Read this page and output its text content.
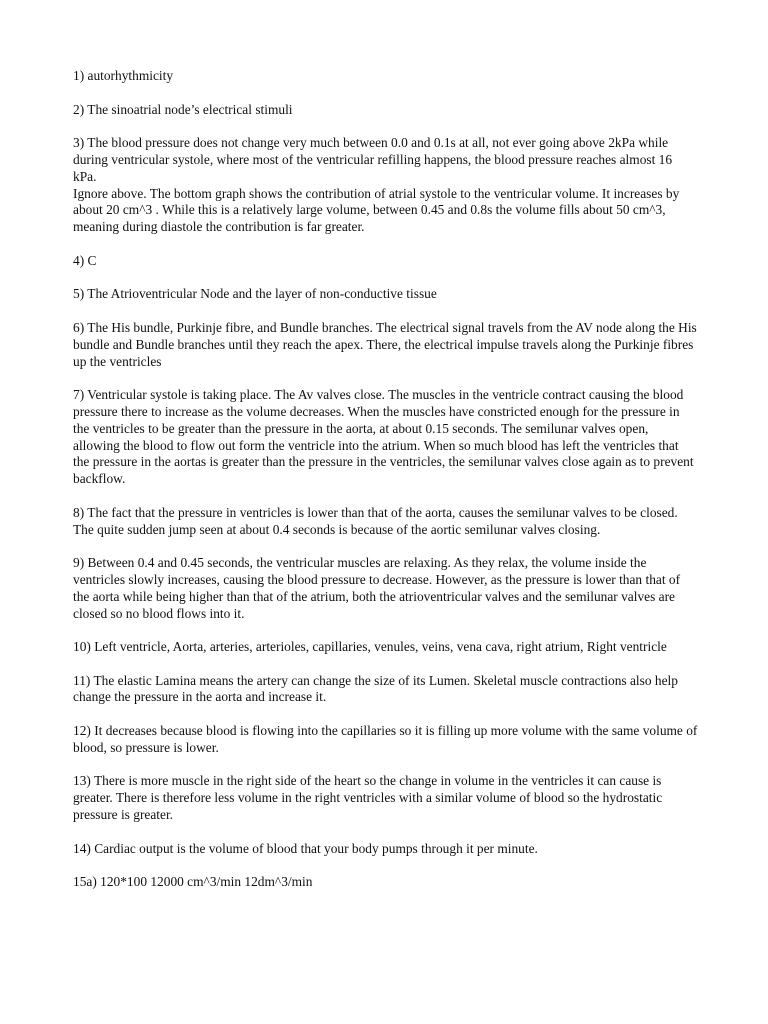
1) autorhythmicity

2) The sinoatrial node’s electrical stimuli

3) The blood pressure does not change very much between 0.0 and 0.1s at all, not ever going above 2kPa while during ventricular systole, where most of the ventricular refilling happens, the blood pressure reaches almost 16 kPa.

Ignore above. The bottom graph shows the contribution of atrial systole to the ventricular volume. It increases by about 20 cm^3 . While this is a relatively large volume, between 0.45 and 0.8s the volume fills about 50 cm^3, meaning during diastole the contribution is far greater.

4) C

5) The Atrioventricular Node and the layer of non-conductive tissue

6) The His bundle, Purkinje fibre, and Bundle branches. The electrical signal travels from the AV node along the His bundle and Bundle branches until they reach the apex. There, the electrical impulse travels along the Purkinje fibres up the ventricles

7) Ventricular systole is taking place. The Av valves close. The muscles in the ventricle contract causing the blood pressure there to increase as the volume decreases. When the muscles have constricted enough for the pressure in the ventricles to be greater than the pressure in the aorta, at about 0.15 seconds. The semilunar valves open, allowing the blood to flow out form the ventricle into the atrium. When so much blood has left the ventricles that the pressure in the aortas is greater than the pressure in the ventricles, the semilunar valves close again as to prevent backflow.

8) The fact that the pressure in ventricles is lower than that of the aorta, causes the semilunar valves to be closed. The quite sudden jump seen at about 0.4 seconds is because of the aortic semilunar valves closing.

9) Between 0.4 and 0.45 seconds, the ventricular muscles are relaxing. As they relax, the volume inside the ventricles slowly increases, causing the blood pressure to decrease. However, as the pressure is lower than that of the aorta while being higher than that of the atrium, both the atrioventricular valves and the semilunar valves are closed so no blood flows into it.

10) Left ventricle, Aorta, arteries, arterioles, capillaries, venules, veins, vena cava, right atrium, Right ventricle

11) The elastic Lamina means the artery can change the size of its Lumen. Skeletal muscle contractions also help change the pressure in the aorta and increase it.

12) It decreases because blood is flowing into the capillaries so it is filling up more volume with the same volume of blood, so pressure is lower.

13) There is more muscle in the right side of the heart so the change in volume in the ventricles it can cause is greater. There is therefore less volume in the right ventricles with a similar volume of blood so the hydrostatic pressure is greater.

14) Cardiac output is the volume of blood that your body pumps through it per minute.

15a) 120*100 12000 cm^3/min 12dm^3/min
